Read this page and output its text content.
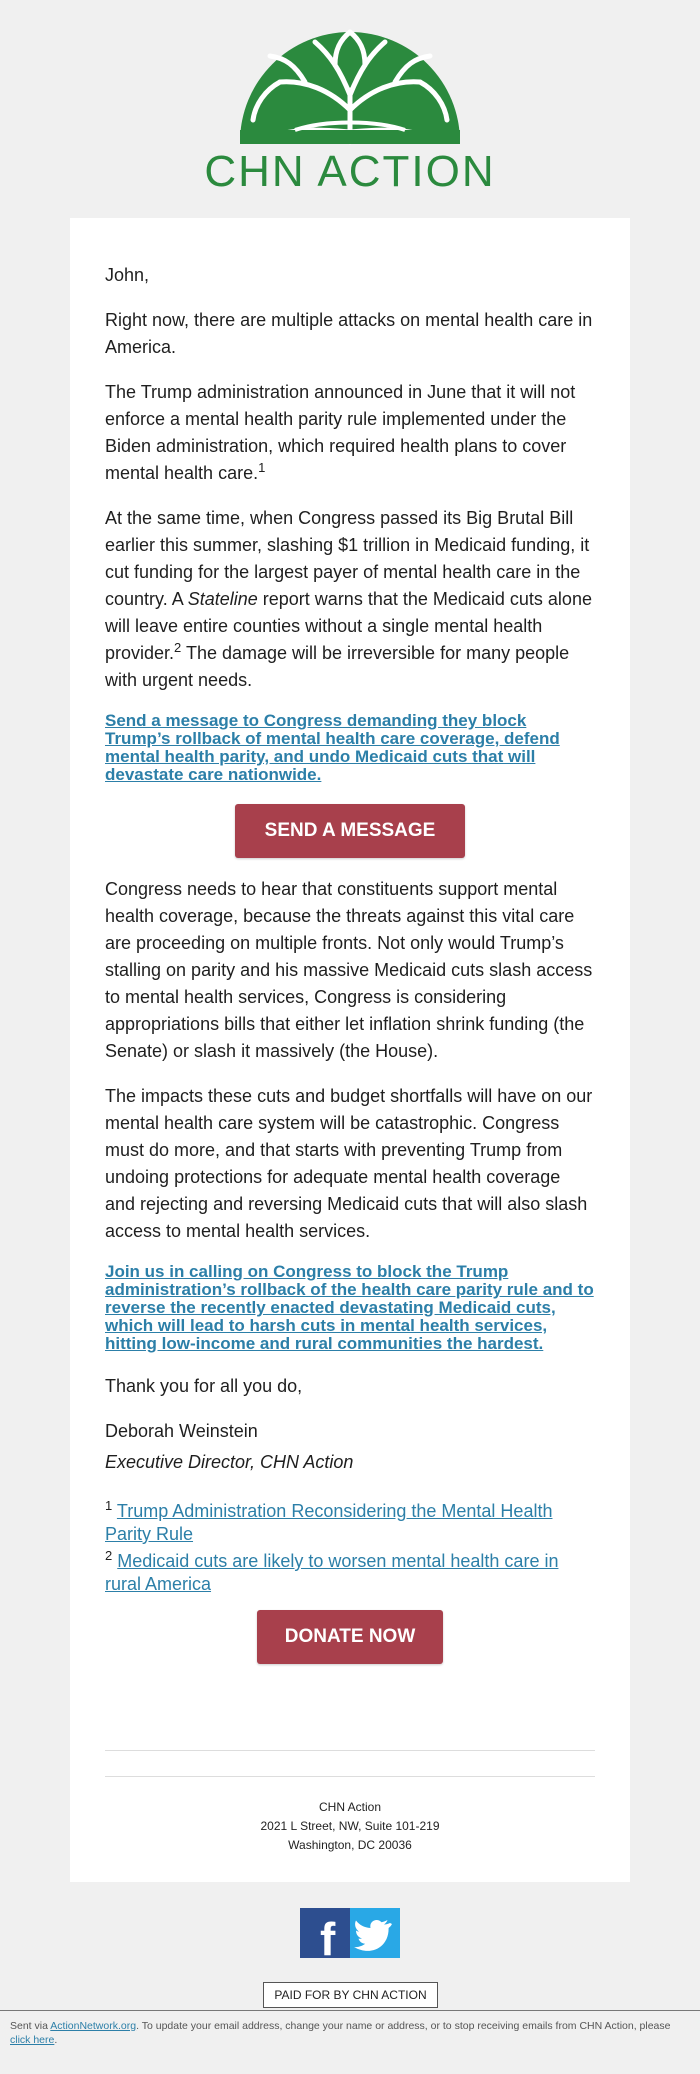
CHN ACTION

John,

Right now, there are multiple attacks on mental health care in America.

The Trump administration announced in June that it will not enforce a mental health parity rule implemented under the Biden administration, which required health plans to cover mental health care.$^1$

At the same time, when Congress passed its Big Brutal Bill earlier this summer, slashing $1 trillion in Medicaid funding, it cut funding for the largest payer of mental health care in the country. A Stateline report warns that the Medicaid cuts alone will leave entire counties without a single mental health provider.$^2$ The damage will be irreversible for many people with urgent needs.

Send a message to Congress demanding they block Trump’s rollback of mental health care coverage, defend mental health parity, and undo Medicaid cuts that will devastate care nationwide.
SEND A MESSAGE

Congress needs to hear that constituents support mental health coverage, because the threats against this vital care are proceeding on multiple fronts. Not only would Trump’s stalling on parity and his massive Medicaid cuts slash access to mental health services, Congress is considering appropriations bills that either let inflation shrink funding (the Senate) or slash it massively (the House).

The impacts these cuts and budget shortfalls will have on our mental health care system will be catastrophic. Congress must do more, and that starts with preventing Trump from undoing protections for adequate mental health coverage and rejecting and reversing Medicaid cuts that will also slash access to mental health services.

Join us in calling on Congress to block the Trump administration’s rollback of the health care parity rule and to reverse the recently enacted devastating Medicaid cuts, which will lead to harsh cuts in mental health services, hitting low-income and rural communities the hardest.

Thank you for all you do,

Deborah Weinstein

Executive Director, CHN Action

$^1$ Trump Administration Reconsidering the Mental Health Parity Rule

$^2$ Medicaid cuts are likely to worsen mental health care in rural America

DONATE NOW
CHN Action
2021 L Street, NW, Suite 101-219
Washington, DC 20036
f
PAID FOR BY CHN ACTION
Sent via ActionNetwork.org. To update your email address, change your name or address, or to stop receiving emails from CHN Action, please click here.
